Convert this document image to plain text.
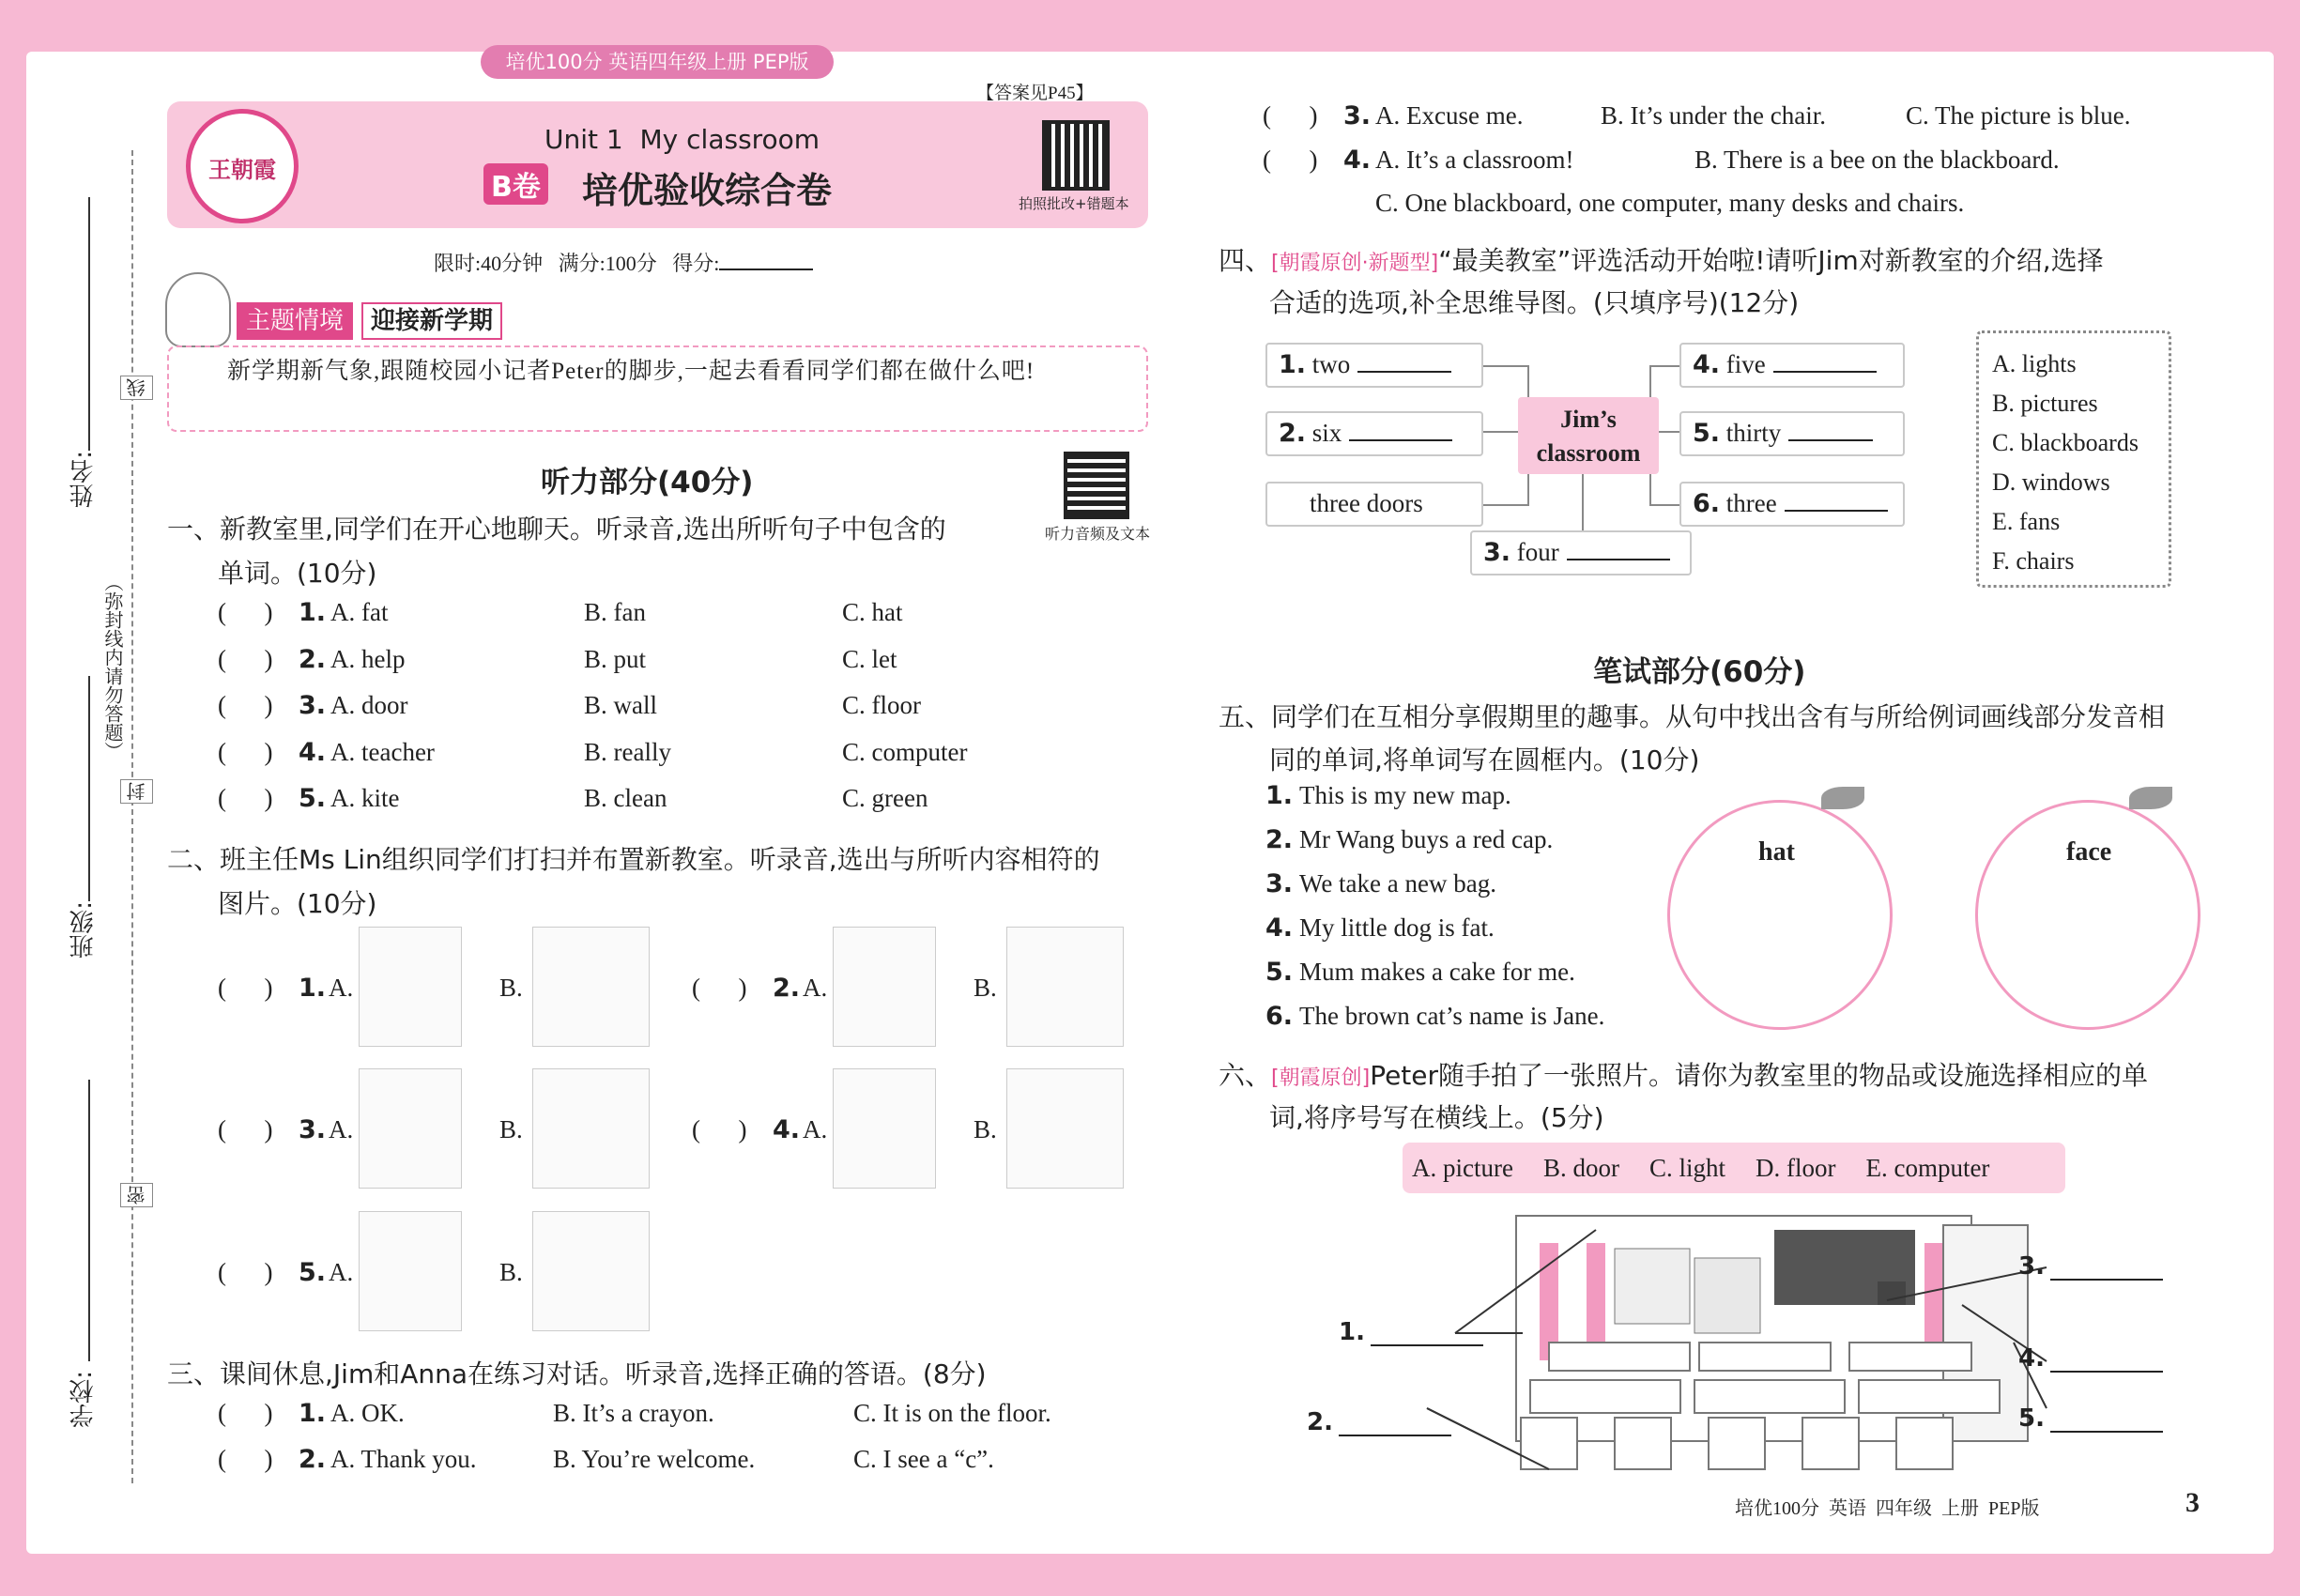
培优100分 英语四年级上册 PEP版
姓名:
线
（弥封线内请勿答题）
封
班级:
密
学校:
王朝霞
【答案见P45】
Unit 1  My classroom
B卷 培优验收综合卷	拍照批改+错题本
限时:40分钟   满分:100分   得分:
主题情境	迎接新学期
新学期新气象,跟随校园小记者Peter的脚步,一起去看看同学们都在做什么吧!
听力部分(40分)
听力音频及文本
一、新教室里,同学们在开心地聊天。听录音,选出所听句子中包含的
单词。(10分)
二、班主任Ms Lin组织同学们打扫并布置新教室。听录音,选出与所听内容相符的
图片。(10分)
三、课间休息,Jim和Anna在练习对话。听录音,选择正确的答语。(8分)
四、[朝霞原创·新题型]“最美教室”评选活动开始啦!请听Jim对新教室的介绍,选择
合适的选项,补全思维导图。(只填序号)(12分)
1. two
2. six
three doors
Jim’s classroom
3. four
4. five
5. thirty
6. three
A. lights
B. pictures
C. blackboards
D. windows
E. fans
F. chairs
笔试部分(60分)
五、同学们在互相分享假期里的趣事。从句中找出含有与所给例词画线部分发音相
同的单词,将单词写在圆框内。(10分)
hat	face
六、[朝霞原创]Peter随手拍了一张照片。请你为教室里的物品或设施选择相应的单
词,将序号写在横线上。(5分)
A. picture B. door C. light D. floor E. computer
培优100分  英语  四年级  上册  PEP版	3
(      ) 1. A. fat	B. fan	C. hat
(      ) 2. A. help	B. put	C. let
(      ) 3. A. door	B. wall	C. floor
(      ) 4. A. teacher	B. really	C. computer
(      ) 5. A. kite	B. clean	C. green
(      ) 1. A.	B.	(      ) 2. A.	B.
(      ) 3. A.	B.	(      ) 4. A.	B.
(      ) 5. A.	B.
(      ) 1. A. OK.	B. It’s a crayon.	C. It is on the floor.
(      ) 2. A. Thank you.	B. You’re welcome.	C. I see a “c”.
(      ) 3. A. Excuse me.	B. It’s under the chair.	C. The picture is blue.
(      ) 4. A. It’s a classroom!	B. There is a bee on the blackboard.
C. One blackboard, one computer, many desks and chairs.
1. This is my new map.
2. Mr Wang buys a red cap.
3. We take a new bag.
4. My little dog is fat.
5. Mum makes a cake for me.
6. The brown cat’s name is Jane.
1.
2.
3.
4.
5.
